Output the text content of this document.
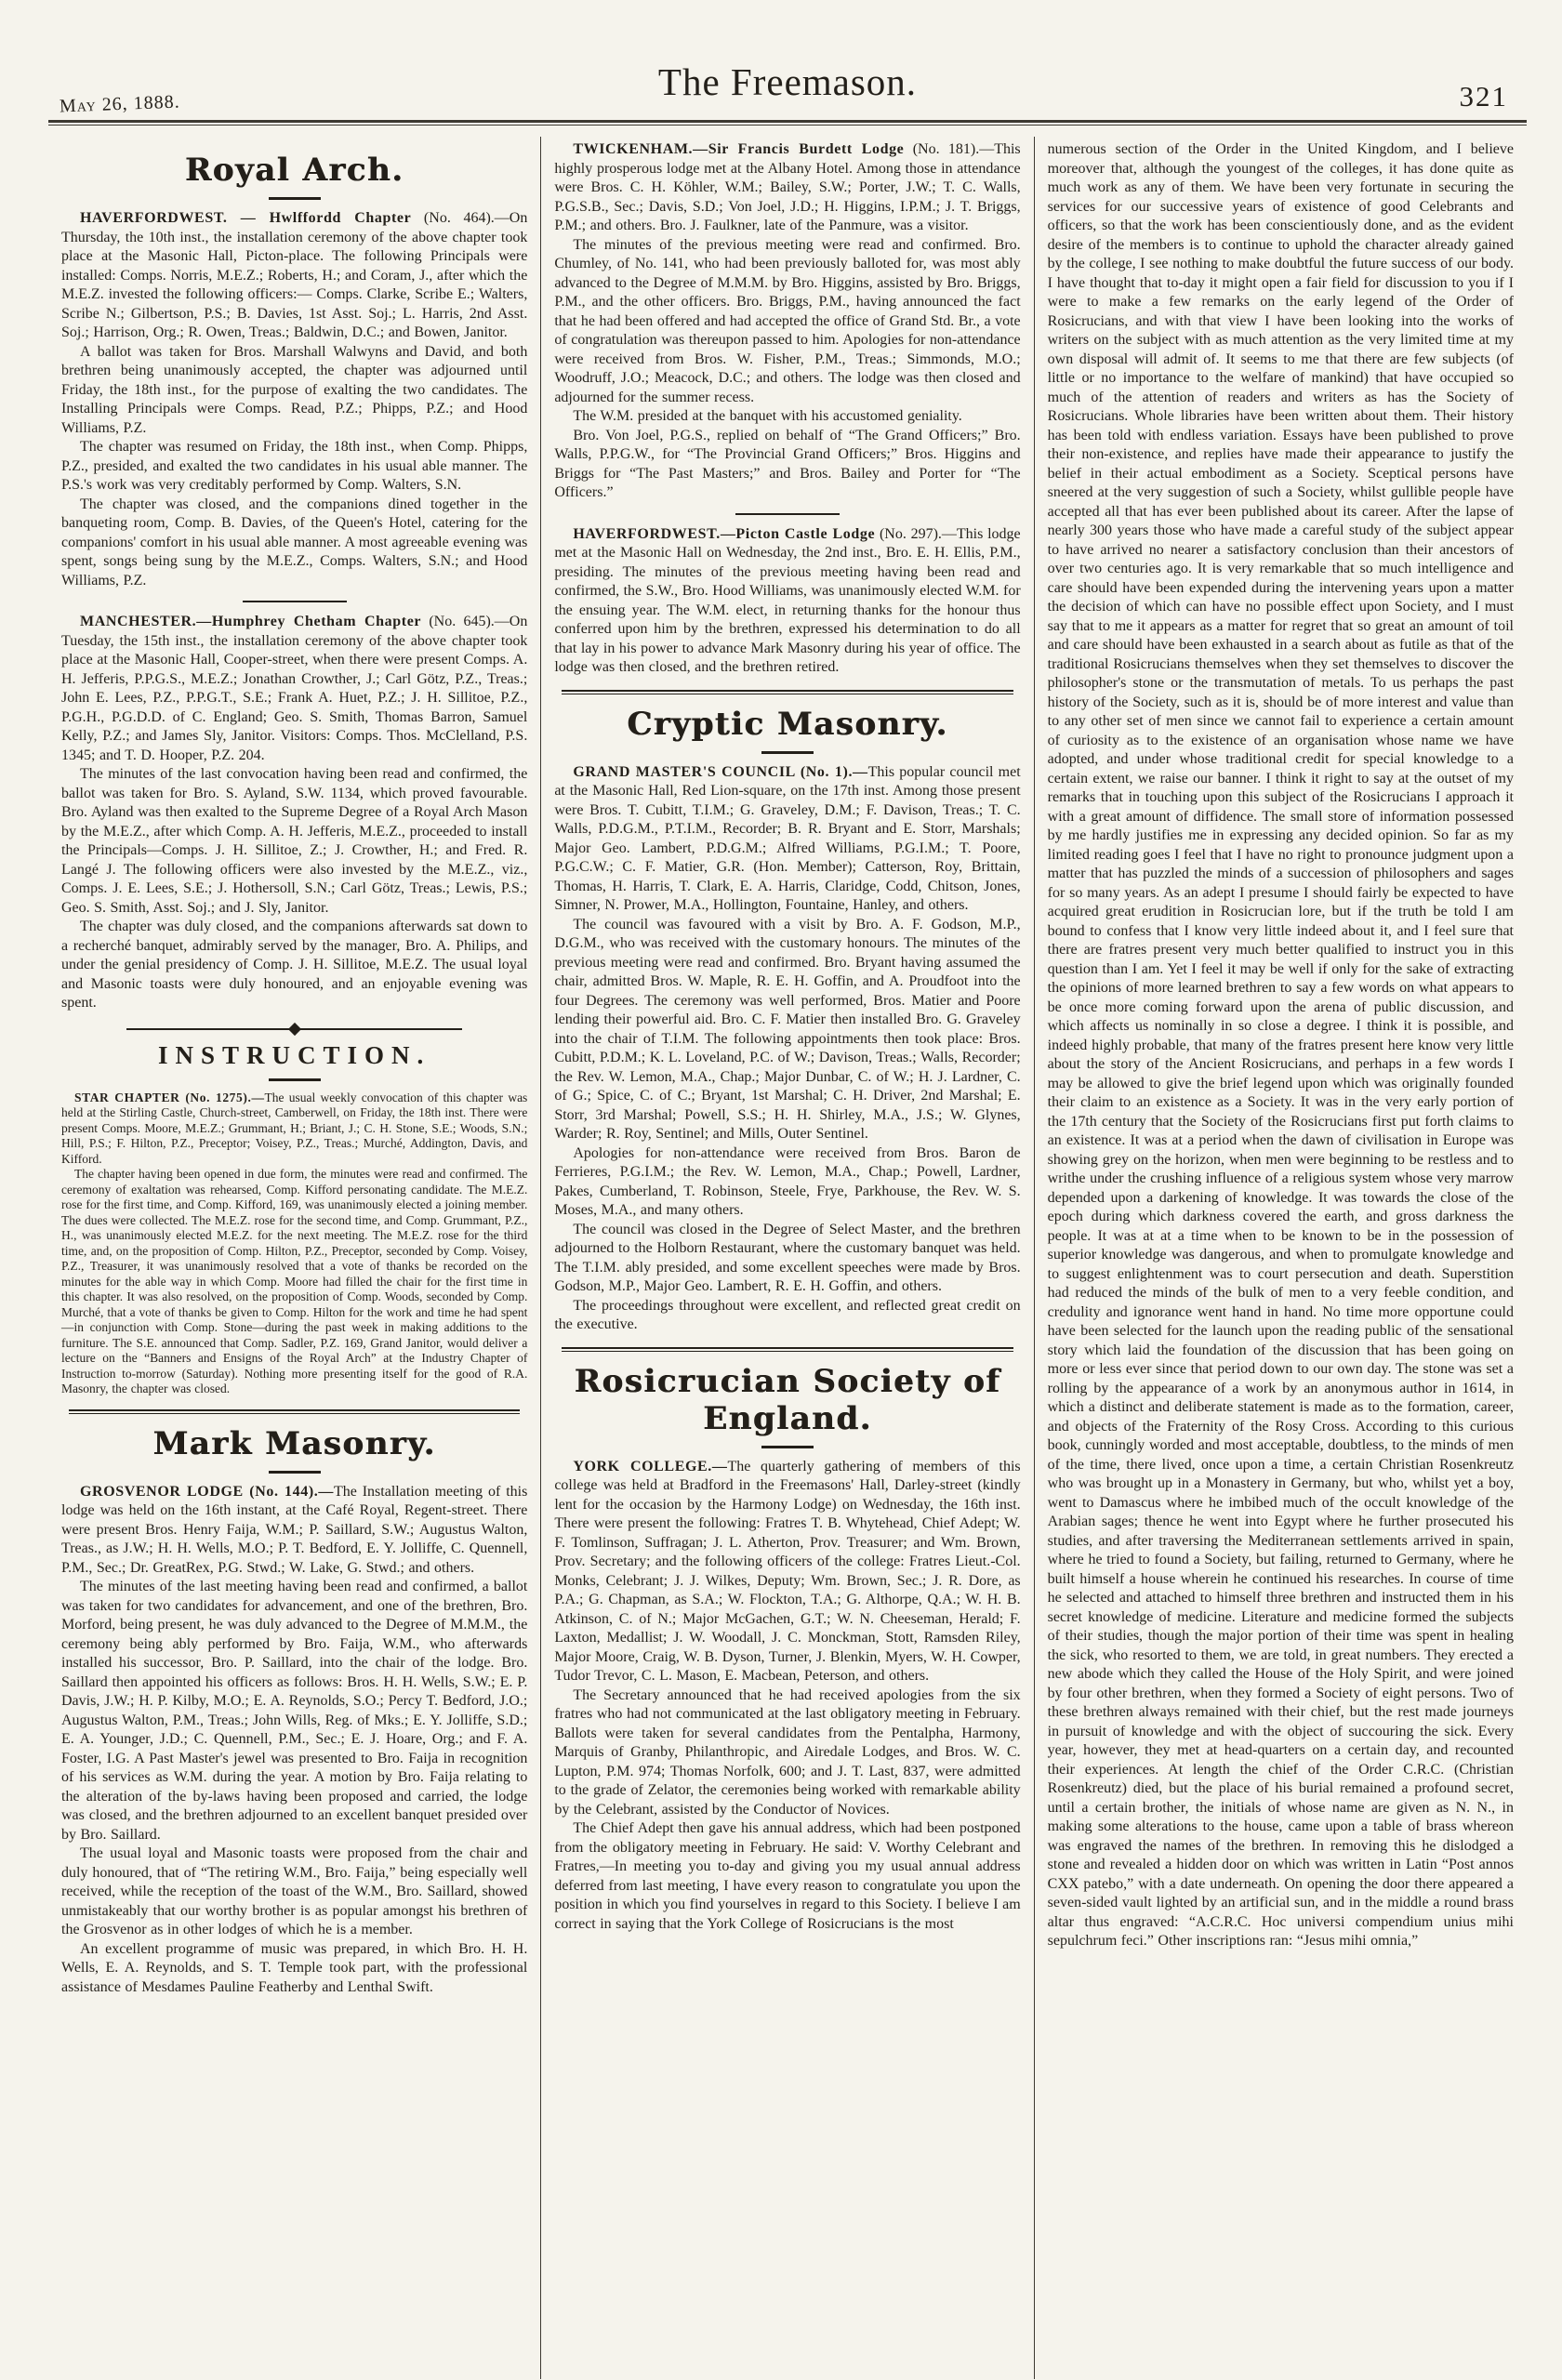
May 26, 1888.
The Freemason.	321
Royal Arch.

HAVERFORDWEST. — Hwlffordd Chapter (No. 464).—On Thursday, the 10th inst., the installation ceremony of the above chapter took place at the Masonic Hall, Picton-place. The following Principals were installed: Comps. Norris, M.E.Z.; Roberts, H.; and Coram, J., after which the M.E.Z. invested the following officers:— Comps. Clarke, Scribe E.; Walters, Scribe N.; Gilbertson, P.S.; B. Davies, 1st Asst. Soj.; L. Harris, 2nd Asst. Soj.; Harrison, Org.; R. Owen, Treas.; Baldwin, D.C.; and Bowen, Janitor.

A ballot was taken for Bros. Marshall Walwyns and David, and both brethren being unanimously accepted, the chapter was adjourned until Friday, the 18th inst., for the purpose of exalting the two candidates. The Installing Principals were Comps. Read, P.Z.; Phipps, P.Z.; and Hood Williams, P.Z.

The chapter was resumed on Friday, the 18th inst., when Comp. Phipps, P.Z., presided, and exalted the two candidates in his usual able manner. The P.S.'s work was very creditably performed by Comp. Walters, S.N.

The chapter was closed, and the companions dined together in the banqueting room, Comp. B. Davies, of the Queen's Hotel, catering for the companions' comfort in his usual able manner. A most agreeable evening was spent, songs being sung by the M.E.Z., Comps. Walters, S.N.; and Hood Williams, P.Z.

MANCHESTER.—Humphrey Chetham Chapter (No. 645).—On Tuesday, the 15th inst., the installation ceremony of the above chapter took place at the Masonic Hall, Cooper-street, when there were present Comps. A. H. Jefferis, P.P.G.S., M.E.Z.; Jonathan Crowther, J.; Carl Götz, P.Z., Treas.; John E. Lees, P.Z., P.P.G.T., S.E.; Frank A. Huet, P.Z.; J. H. Sillitoe, P.Z., P.G.H., P.G.D.D. of C. England; Geo. S. Smith, Thomas Barron, Samuel Kelly, P.Z.; and James Sly, Janitor. Visitors: Comps. Thos. McClelland, P.S. 1345; and T. D. Hooper, P.Z. 204.

The minutes of the last convocation having been read and confirmed, the ballot was taken for Bro. S. Ayland, S.W. 1134, which proved favourable. Bro. Ayland was then exalted to the Supreme Degree of a Royal Arch Mason by the M.E.Z., after which Comp. A. H. Jefferis, M.E.Z., proceeded to install the Principals—Comps. J. H. Sillitoe, Z.; J. Crowther, H.; and Fred. R. Langé J. The following officers were also invested by the M.E.Z., viz., Comps. J. E. Lees, S.E.; J. Hothersoll, S.N.; Carl Götz, Treas.; Lewis, P.S.; Geo. S. Smith, Asst. Soj.; and J. Sly, Janitor.

The chapter was duly closed, and the companions afterwards sat down to a recherché banquet, admirably served by the manager, Bro. A. Philips, and under the genial presidency of Comp. J. H. Sillitoe, M.E.Z. The usual loyal and Masonic toasts were duly honoured, and an enjoyable evening was spent.

INSTRUCTION.

STAR CHAPTER (No. 1275).—The usual weekly convocation of this chapter was held at the Stirling Castle, Church-street, Camberwell, on Friday, the 18th inst. There were present Comps. Moore, M.E.Z.; Grummant, H.; Briant, J.; C. H. Stone, S.E.; Woods, S.N.; Hill, P.S.; F. Hilton, P.Z., Preceptor; Voisey, P.Z., Treas.; Murché, Addington, Davis, and Kifford.

The chapter having been opened in due form, the minutes were read and confirmed. The ceremony of exaltation was rehearsed, Comp. Kifford personating candidate. The M.E.Z. rose for the first time, and Comp. Kifford, 169, was unanimously elected a joining member. The dues were collected. The M.E.Z. rose for the second time, and Comp. Grummant, P.Z., H., was unanimously elected M.E.Z. for the next meeting. The M.E.Z. rose for the third time, and, on the proposition of Comp. Hilton, P.Z., Preceptor, seconded by Comp. Voisey, P.Z., Treasurer, it was unanimously resolved that a vote of thanks be recorded on the minutes for the able way in which Comp. Moore had filled the chair for the first time in this chapter. It was also resolved, on the proposition of Comp. Woods, seconded by Comp. Murché, that a vote of thanks be given to Comp. Hilton for the work and time he had spent—in conjunction with Comp. Stone—during the past week in making additions to the furniture. The S.E. announced that Comp. Sadler, P.Z. 169, Grand Janitor, would deliver a lecture on the “Banners and Ensigns of the Royal Arch” at the Industry Chapter of Instruction to-morrow (Saturday). Nothing more presenting itself for the good of R.A. Masonry, the chapter was closed.

Mark Masonry.

GROSVENOR LODGE (No. 144).—The Installation meeting of this lodge was held on the 16th instant, at the Café Royal, Regent-street. There were present Bros. Henry Faija, W.M.; P. Saillard, S.W.; Augustus Walton, Treas., as J.W.; H. H. Wells, M.O.; P. T. Bedford, E. Y. Jolliffe, C. Quennell, P.M., Sec.; Dr. GreatRex, P.G. Stwd.; W. Lake, G. Stwd.; and others.

The minutes of the last meeting having been read and confirmed, a ballot was taken for two candidates for advancement, and one of the brethren, Bro. Morford, being present, he was duly advanced to the Degree of M.M.M., the ceremony being ably performed by Bro. Faija, W.M., who afterwards installed his successor, Bro. P. Saillard, into the chair of the lodge. Bro. Saillard then appointed his officers as follows: Bros. H. H. Wells, S.W.; E. P. Davis, J.W.; H. P. Kilby, M.O.; E. A. Reynolds, S.O.; Percy T. Bedford, J.O.; Augustus Walton, P.M., Treas.; John Wills, Reg. of Mks.; E. Y. Jolliffe, S.D.; E. A. Younger, J.D.; C. Quennell, P.M., Sec.; E. J. Hoare, Org.; and F. A. Foster, I.G. A Past Master's jewel was presented to Bro. Faija in recognition of his services as W.M. during the year. A motion by Bro. Faija relating to the alteration of the by-laws having been proposed and carried, the lodge was closed, and the brethren adjourned to an excellent banquet presided over by Bro. Saillard.

The usual loyal and Masonic toasts were proposed from the chair and duly honoured, that of “The retiring W.M., Bro. Faija,” being especially well received, while the reception of the toast of the W.M., Bro. Saillard, showed unmistakeably that our worthy brother is as popular amongst his brethren of the Grosvenor as in other lodges of which he is a member.

An excellent programme of music was prepared, in which Bro. H. H. Wells, E. A. Reynolds, and S. T. Temple took part, with the professional assistance of Mesdames Pauline Featherby and Lenthal Swift.

TWICKENHAM.—Sir Francis Burdett Lodge (No. 181).—This highly prosperous lodge met at the Albany Hotel. Among those in attendance were Bros. C. H. Köhler, W.M.; Bailey, S.W.; Porter, J.W.; T. C. Walls, P.G.S.B., Sec.; Davis, S.D.; Von Joel, J.D.; H. Higgins, I.P.M.; J. T. Briggs, P.M.; and others. Bro. J. Faulkner, late of the Panmure, was a visitor.

The minutes of the previous meeting were read and confirmed. Bro. Chumley, of No. 141, who had been previously balloted for, was most ably advanced to the Degree of M.M.M. by Bro. Higgins, assisted by Bro. Briggs, P.M., and the other officers. Bro. Briggs, P.M., having announced the fact that he had been offered and had accepted the office of Grand Std. Br., a vote of congratulation was thereupon passed to him. Apologies for non-attendance were received from Bros. W. Fisher, P.M., Treas.; Simmonds, M.O.; Woodruff, J.O.; Meacock, D.C.; and others. The lodge was then closed and adjourned for the summer recess.

The W.M. presided at the banquet with his accustomed geniality.

Bro. Von Joel, P.G.S., replied on behalf of “The Grand Officers;” Bro. Walls, P.P.G.W., for “The Provincial Grand Officers;” Bros. Higgins and Briggs for “The Past Masters;” and Bros. Bailey and Porter for “The Officers.”

HAVERFORDWEST.—Picton Castle Lodge (No. 297).—This lodge met at the Masonic Hall on Wednesday, the 2nd inst., Bro. E. H. Ellis, P.M., presiding. The minutes of the previous meeting having been read and confirmed, the S.W., Bro. Hood Williams, was unanimously elected W.M. for the ensuing year. The W.M. elect, in returning thanks for the honour thus conferred upon him by the brethren, expressed his determination to do all that lay in his power to advance Mark Masonry during his year of office. The lodge was then closed, and the brethren retired.

Cryptic Masonry.

GRAND MASTER'S COUNCIL (No. 1).—This popular council met at the Masonic Hall, Red Lion-square, on the 17th inst. Among those present were Bros. T. Cubitt, T.I.M.; G. Graveley, D.M.; F. Davison, Treas.; T. C. Walls, P.D.G.M., P.T.I.M., Recorder; B. R. Bryant and E. Storr, Marshals; Major Geo. Lambert, P.D.G.M.; Alfred Williams, P.G.I.M.; T. Poore, P.G.C.W.; C. F. Matier, G.R. (Hon. Member); Catterson, Roy, Brittain, Thomas, H. Harris, T. Clark, E. A. Harris, Claridge, Codd, Chitson, Jones, Simner, N. Prower, M.A., Hollington, Fountaine, Hanley, and others.

The council was favoured with a visit by Bro. A. F. Godson, M.P., D.G.M., who was received with the customary honours. The minutes of the previous meeting were read and confirmed. Bro. Bryant having assumed the chair, admitted Bros. W. Maple, R. E. H. Goffin, and A. Proudfoot into the four Degrees. The ceremony was well performed, Bros. Matier and Poore lending their powerful aid. Bro. C. F. Matier then installed Bro. G. Graveley into the chair of T.I.M. The following appointments then took place: Bros. Cubitt, P.D.M.; K. L. Loveland, P.C. of W.; Davison, Treas.; Walls, Recorder; the Rev. W. Lemon, M.A., Chap.; Major Dunbar, C. of W.; H. J. Lardner, C. of G.; Spice, C. of C.; Bryant, 1st Marshal; C. H. Driver, 2nd Marshal; E. Storr, 3rd Marshal; Powell, S.S.; H. H. Shirley, M.A., J.S.; W. Glynes, Warder; R. Roy, Sentinel; and Mills, Outer Sentinel.

Apologies for non-attendance were received from Bros. Baron de Ferrieres, P.G.I.M.; the Rev. W. Lemon, M.A., Chap.; Powell, Lardner, Pakes, Cumberland, T. Robinson, Steele, Frye, Parkhouse, the Rev. W. S. Moses, M.A., and many others.

The council was closed in the Degree of Select Master, and the brethren adjourned to the Holborn Restaurant, where the customary banquet was held. The T.I.M. ably presided, and some excellent speeches were made by Bros. Godson, M.P., Major Geo. Lambert, R. E. H. Goffin, and others.

The proceedings throughout were excellent, and reflected great credit on the executive.

Rosicrucian Society of England.

YORK COLLEGE.—The quarterly gathering of members of this college was held at Bradford in the Freemasons' Hall, Darley-street (kindly lent for the occasion by the Harmony Lodge) on Wednesday, the 16th inst. There were present the following: Fratres T. B. Whytehead, Chief Adept; W. F. Tomlinson, Suffragan; J. L. Atherton, Prov. Treasurer; and Wm. Brown, Prov. Secretary; and the following officers of the college: Fratres Lieut.-Col. Monks, Celebrant; J. J. Wilkes, Deputy; Wm. Brown, Sec.; J. R. Dore, as P.A.; G. Chapman, as S.A.; W. Flockton, T.A.; G. Althorpe, Q.A.; W. H. B. Atkinson, C. of N.; Major McGachen, G.T.; W. N. Cheeseman, Herald; F. Laxton, Medallist; J. W. Woodall, J. C. Monckman, Stott, Ramsden Riley, Major Moore, Craig, W. B. Dyson, Turner, J. Blenkin, Myers, W. H. Cowper, Tudor Trevor, C. L. Mason, E. Macbean, Peterson, and others.

The Secretary announced that he had received apologies from the six fratres who had not communicated at the last obligatory meeting in February. Ballots were taken for several candidates from the Pentalpha, Harmony, Marquis of Granby, Philanthropic, and Airedale Lodges, and Bros. W. C. Lupton, P.M. 974; Thomas Norfolk, 600; and J. T. Last, 837, were admitted to the grade of Zelator, the ceremonies being worked with remarkable ability by the Celebrant, assisted by the Conductor of Novices.

The Chief Adept then gave his annual address, which had been postponed from the obligatory meeting in February. He said: V. Worthy Celebrant and Fratres,—In meeting you to-day and giving you my usual annual address deferred from last meeting, I have every reason to congratulate you upon the position in which you find yourselves in regard to this Society. I believe I am correct in saying that the York College of Rosicrucians is the most

numerous section of the Order in the United Kingdom, and I believe moreover that, although the youngest of the colleges, it has done quite as much work as any of them. We have been very fortunate in securing the services for our successive years of existence of good Celebrants and officers, so that the work has been conscientiously done, and as the evident desire of the members is to continue to uphold the character already gained by the college, I see nothing to make doubtful the future success of our body. I have thought that to-day it might open a fair field for discussion to you if I were to make a few remarks on the early legend of the Order of Rosicrucians, and with that view I have been looking into the works of writers on the subject with as much attention as the very limited time at my own disposal will admit of. It seems to me that there are few subjects (of little or no importance to the welfare of mankind) that have occupied so much of the attention of readers and writers as has the Society of Rosicrucians. Whole libraries have been written about them. Their history has been told with endless variation. Essays have been published to prove their non-existence, and replies have made their appearance to justify the belief in their actual embodiment as a Society. Sceptical persons have sneered at the very suggestion of such a Society, whilst gullible people have accepted all that has ever been published about its career. After the lapse of nearly 300 years those who have made a careful study of the subject appear to have arrived no nearer a satisfactory conclusion than their ancestors of over two centuries ago. It is very remarkable that so much intelligence and care should have been expended during the intervening years upon a matter the decision of which can have no possible effect upon Society, and I must say that to me it appears as a matter for regret that so great an amount of toil and care should have been exhausted in a search about as futile as that of the traditional Rosicrucians themselves when they set themselves to discover the philosopher's stone or the transmutation of metals. To us perhaps the past history of the Society, such as it is, should be of more interest and value than to any other set of men since we cannot fail to experience a certain amount of curiosity as to the existence of an organisation whose name we have adopted, and under whose traditional credit for special knowledge to a certain extent, we raise our banner. I think it right to say at the outset of my remarks that in touching upon this subject of the Rosicrucians I approach it with a great amount of diffidence. The small store of information possessed by me hardly justifies me in expressing any decided opinion. So far as my limited reading goes I feel that I have no right to pronounce judgment upon a matter that has puzzled the minds of a succession of philosophers and sages for so many years. As an adept I presume I should fairly be expected to have acquired great erudition in Rosicrucian lore, but if the truth be told I am bound to confess that I know very little indeed about it, and I feel sure that there are fratres present very much better qualified to instruct you in this question than I am. Yet I feel it may be well if only for the sake of extracting the opinions of more learned brethren to say a few words on what appears to be once more coming forward upon the arena of public discussion, and which affects us nominally in so close a degree. I think it is possible, and indeed highly probable, that many of the fratres present here know very little about the story of the Ancient Rosicrucians, and perhaps in a few words I may be allowed to give the brief legend upon which was originally founded their claim to an existence as a Society. It was in the very early portion of the 17th century that the Society of the Rosicrucians first put forth claims to an existence. It was at a period when the dawn of civilisation in Europe was showing grey on the horizon, when men were beginning to be restless and to writhe under the crushing influence of a religious system whose very marrow depended upon a darkening of knowledge. It was towards the close of the epoch during which darkness covered the earth, and gross darkness the people. It was at at a time when to be known to be in the possession of superior knowledge was dangerous, and when to promulgate knowledge and to suggest enlightenment was to court persecution and death. Superstition had reduced the minds of the bulk of men to a very feeble condition, and credulity and ignorance went hand in hand. No time more opportune could have been selected for the launch upon the reading public of the sensational story which laid the foundation of the discussion that has been going on more or less ever since that period down to our own day. The stone was set a rolling by the appearance of a work by an anonymous author in 1614, in which a distinct and deliberate statement is made as to the formation, career, and objects of the Fraternity of the Rosy Cross. According to this curious book, cunningly worded and most acceptable, doubtless, to the minds of men of the time, there lived, once upon a time, a certain Christian Rosenkreutz who was brought up in a Monastery in Germany, but who, whilst yet a boy, went to Damascus where he imbibed much of the occult knowledge of the Arabian sages; thence he went into Egypt where he further prosecuted his studies, and after traversing the Mediterranean settlements arrived in spain, where he tried to found a Society, but failing, returned to Germany, where he built himself a house wherein he continued his researches. In course of time he selected and attached to himself three brethren and instructed them in his secret knowledge of medicine. Literature and medicine formed the subjects of their studies, though the major portion of their time was spent in healing the sick, who resorted to them, we are told, in great numbers. They erected a new abode which they called the House of the Holy Spirit, and were joined by four other brethren, when they formed a Society of eight persons. Two of these brethren always remained with their chief, but the rest made journeys in pursuit of knowledge and with the object of succouring the sick. Every year, however, they met at head-quarters on a certain day, and recounted their experiences. At length the chief of the Order C.R.C. (Christian Rosenkreutz) died, but the place of his burial remained a profound secret, until a certain brother, the initials of whose name are given as N. N., in making some alterations to the house, came upon a table of brass whereon was engraved the names of the brethren. In removing this he dislodged a stone and revealed a hidden door on which was written in Latin “Post annos CXX patebo,” with a date underneath. On opening the door there appeared a seven-sided vault lighted by an artificial sun, and in the middle a round brass altar thus engraved: “A.C.R.C. Hoc universi compendium unius mihi sepulchrum feci.” Other inscriptions ran: “Jesus mihi omnia,”
